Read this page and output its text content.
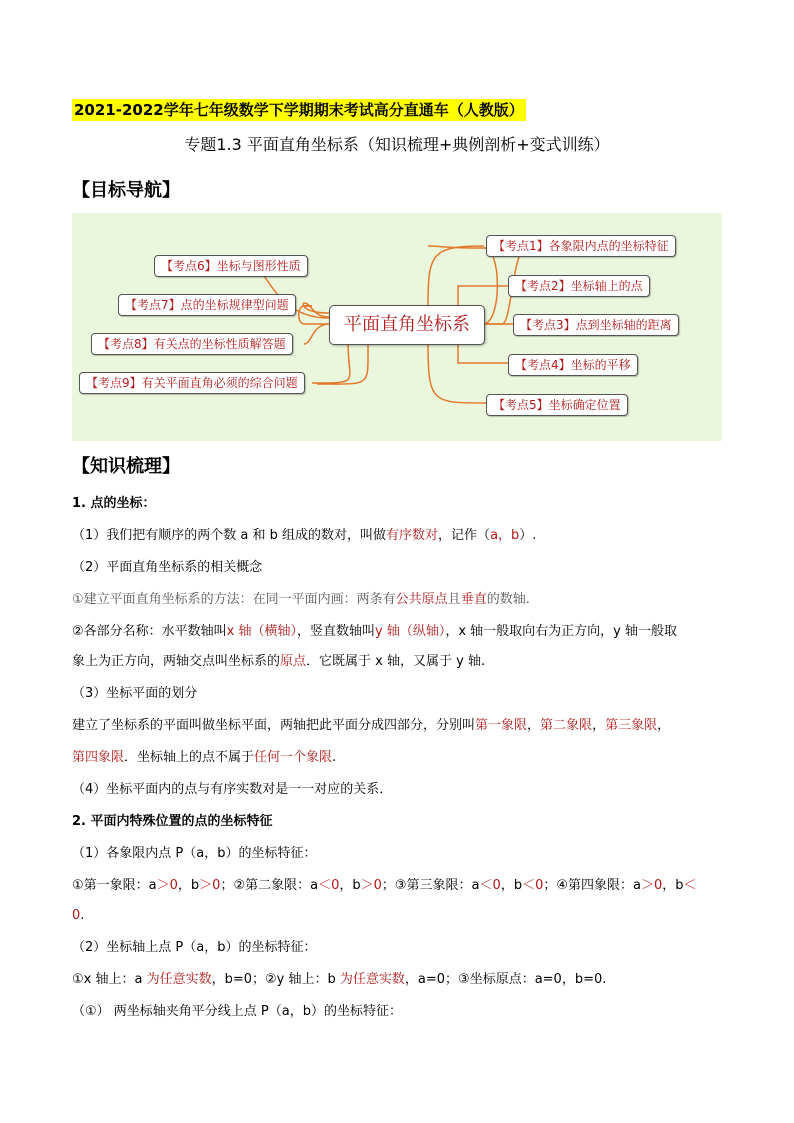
2021-2022学年七年级数学下学期期末考试高分直通车（人教版）
专题1.3 平面直角坐标系（知识梳理+典例剖析+变式训练）
【目标导航】
平面直角坐标系
【考点1】各象限内点的坐标特征
【考点2】坐标轴上的点
【考点3】点到坐标轴的距离
【考点4】坐标的平移
【考点5】坐标确定位置
【考点6】坐标与图形性质
【考点7】点的坐标规律型问题
【考点8】有关点的坐标性质解答题
【考点9】有关平面直角必须的综合问题
【知识梳理】
1. 点的坐标：
（1）我们把有顺序的两个数 a 和 b 组成的数对，叫做有序数对，记作（a，b）.
（2）平面直角坐标系的相关概念
①建立平面直角坐标系的方法：在同一平面内画：两条有公共原点且垂直的数轴.
②各部分名称：水平数轴叫x 轴（横轴），竖直数轴叫y 轴（纵轴），x 轴一般取向右为正方向，y 轴一般取
象上为正方向，两轴交点叫坐标系的原点．它既属于 x 轴，又属于 y 轴.
（3）坐标平面的划分
建立了坐标系的平面叫做坐标平面，两轴把此平面分成四部分，分别叫第一象限，第二象限，第三象限，
第四象限．坐标轴上的点不属于任何一个象限.
（4）坐标平面内的点与有序实数对是一一对应的关系．
2. 平面内特殊位置的点的坐标特征
（1）各象限内点 P（a，b）的坐标特征：
①第一象限：a＞0，b＞0；②第二象限：a＜0，b＞0；③第三象限：a＜0，b＜0；④第四象限：a＞0，b＜
0.
（2）坐标轴上点 P（a，b）的坐标特征：
①x 轴上：a 为任意实数，b=0；②y 轴上：b 为任意实数，a=0；③坐标原点：a=0，b=0.
（①） 两坐标轴夹角平分线上点 P（a，b）的坐标特征：
